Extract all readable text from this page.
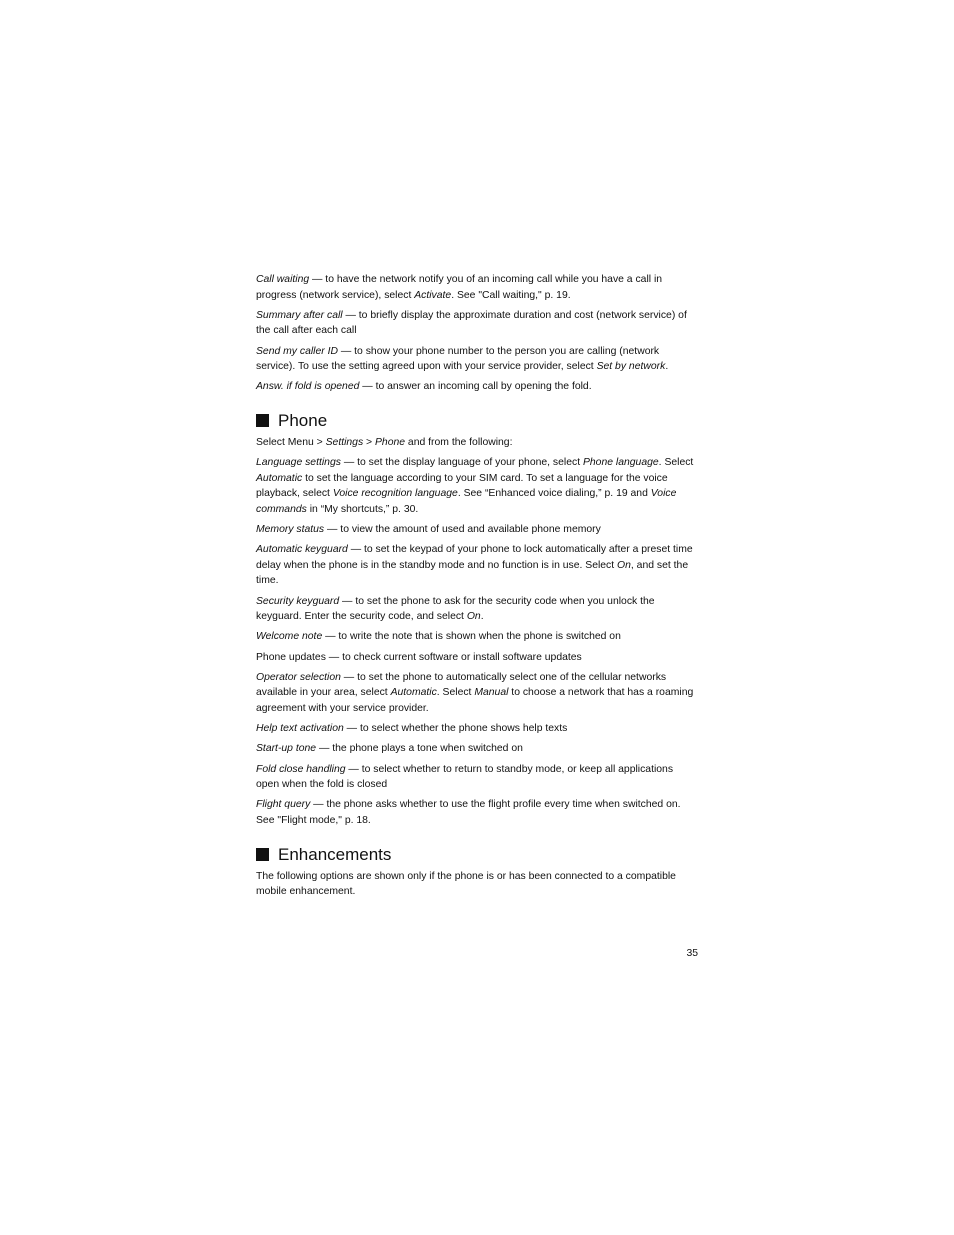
Call waiting — to have the network notify you of an incoming call while you have a call in progress (network service), select Activate. See "Call waiting," p. 19.

Summary after call — to briefly display the approximate duration and cost (network service) of the call after each call

Send my caller ID — to show your phone number to the person you are calling (network service). To use the setting agreed upon with your service provider, select Set by network.

Answ. if fold is opened — to answer an incoming call by opening the fold.

Phone

Select Menu > Settings > Phone and from the following:

Language settings — to set the display language of your phone, select Phone language. Select Automatic to set the language according to your SIM card. To set a language for the voice playback, select Voice recognition language. See “Enhanced voice dialing,” p. 19 and Voice commands in “My shortcuts,” p. 30.

Memory status — to view the amount of used and available phone memory

Automatic keyguard — to set the keypad of your phone to lock automatically after a preset time delay when the phone is in the standby mode and no function is in use. Select On, and set the time.

Security keyguard — to set the phone to ask for the security code when you unlock the keyguard. Enter the security code, and select On.

Welcome note — to write the note that is shown when the phone is switched on

Phone updates — to check current software or install software updates

Operator selection — to set the phone to automatically select one of the cellular networks available in your area, select Automatic. Select Manual to choose a network that has a roaming agreement with your service provider.

Help text activation — to select whether the phone shows help texts

Start-up tone — the phone plays a tone when switched on

Fold close handling — to select whether to return to standby mode, or keep all applications open when the fold is closed

Flight query — the phone asks whether to use the flight profile every time when switched on. See "Flight mode," p. 18.

Enhancements

The following options are shown only if the phone is or has been connected to a compatible mobile enhancement.

35
